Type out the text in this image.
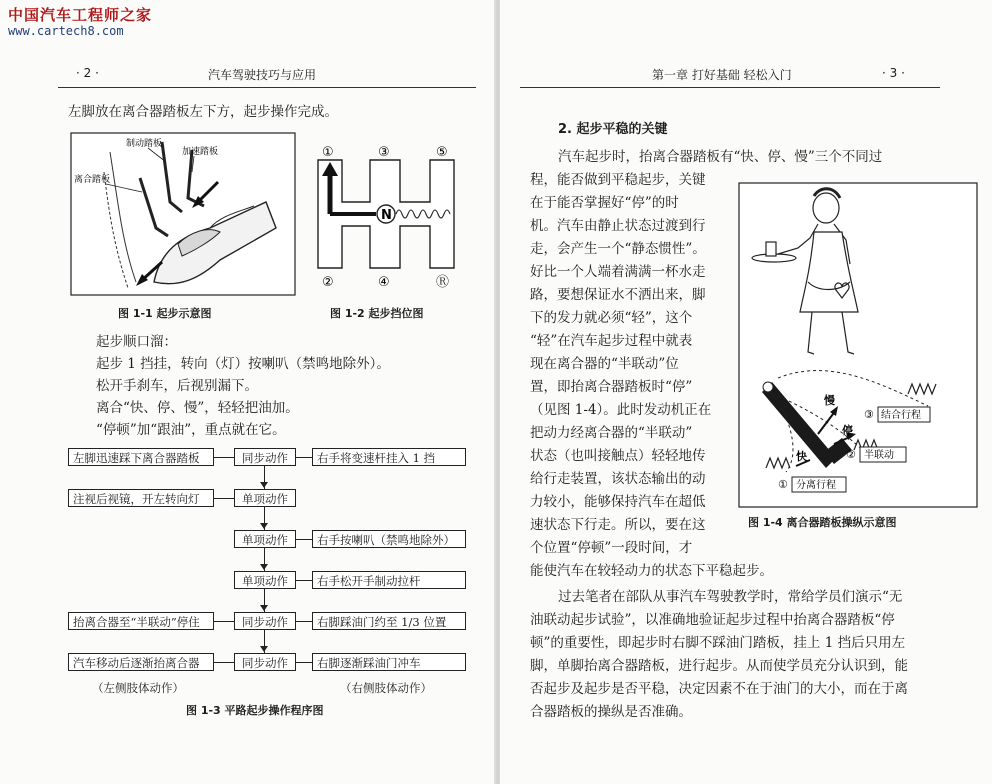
中国汽车工程师之家
www.cartech8.com
· 2 ·	汽车驾驶技巧与应用
左脚放在离合器踏板左下方，起步操作完成。
制动踏板
加速踏板
离合踏板
图 1-1 起步示意图
N
①	③	⑤
②	④	Ⓡ
图 1-2 起步挡位图
起步顺口溜：
起步 1 挡挂，转向（灯）按喇叭（禁鸣地除外）。
松开手刹车，后视别漏下。
离合“快、停、慢”，轻轻把油加。
“停顿”加“跟油”，重点就在它。
左脚迅速踩下离合器踏板	同步动作	右手将变速杆挂入 1 挡
注视后视镜，开左转向灯	单项动作
单项动作	右手按喇叭（禁鸣地除外）
单项动作	右手松开手制动拉杆
抬离合器至“半联动”停住	同步动作	右脚踩油门约至 1/3 位置
汽车移动后逐渐抬离合器	同步动作	右脚逐渐踩油门冲车
（左侧肢体动作）	（右侧肢体动作）
图 1-3 平路起步操作程序图
第一章 打好基础 轻松入门	· 3 ·
2. 起步平稳的关键
汽车起步时，抬离合器踏板有“快、停、慢”三个不同过
程，能否做到平稳起步，关键
在于能否掌握好“停”的时
机。汽车由静止状态过渡到行
走，会产生一个“静态惯性”。
好比一个人端着满满一杯水走
路，要想保证水不洒出来，脚
下的发力就必须“轻”，这个
“轻”在汽车起步过程中就表
现在离合器的“半联动”位
置，即抬离合器踏板时“停”
（见图 1-4）。此时发动机正在
把动力经离合器的“半联动”
状态（也叫接触点）轻轻地传
给行走装置，该状态输出的动
力较小，能够保持汽车在超低
速状态下行走。所以，要在这
个位置“停顿”一段时间，才
能使汽车在较轻动力的状态下平稳起步。
过去笔者在部队从事汽车驾驶教学时，常给学员们演示“无
油联动起步试验”，以准确地验证起步过程中抬离合器踏板“停
顿”的重要性，即起步时右脚不踩油门踏板，挂上 1 挡后只用左
脚，单脚抬离合器踏板，进行起步。从而使学员充分认识到，能
否起步及起步是否平稳，决定因素不在于油门的大小，而在于离
合器踏板的操纵是否准确。
慢
停
快
③ 结合行程
② 半联动
① 分离行程
图 1-4 离合器踏板操纵示意图
